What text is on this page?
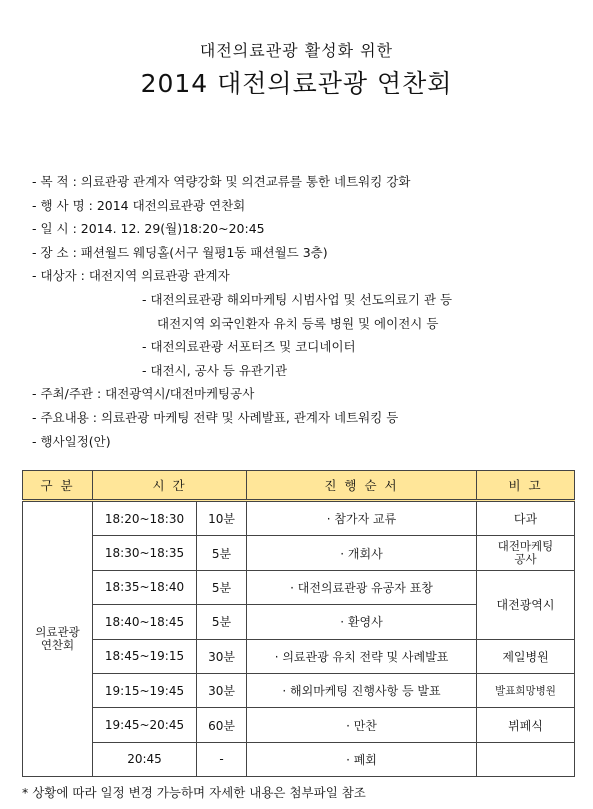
대전의료관광 활성화 위한
2014 대전의료관광 연찬회
- 목 적 : 의료관광 관계자 역량강화 및 의견교류를 통한 네트워킹 강화
- 행 사 명 : 2014 대전의료관광 연찬회
- 일 시 : 2014. 12. 29(월)18:20~20:45
- 장 소 : 패션월드 웨딩홀(서구 월평1동 패션월드 3층)
- 대상자 : 대전지역 의료관광 관계자
- 대전의료관광 해외마케팅 시범사업 및 선도의료기 관 등
대전지역 외국인환자 유치 등록 병원 및 에이전시 등
- 대전의료관광 서포터즈 및 코디네이터
- 대전시, 공사 등 유관기관
- 주최/주관 : 대전광역시/대전마케팅공사
- 주요내용 : 의료관광 마케팅 전략 및 사례발표, 관계자 네트워킹 등
- 행사일정(안)
구 분	시 간		진 행 순 서	비 고
의료관광
연찬회	18:20~18:30	10분	· 참가자 교류	다과
	18:30~18:35	5분	· 개회사	대전마케팅
공사
	18:35~18:40	5분	· 대전의료관광 유공자 표창	대전광역시
	18:40~18:45	5분	· 환영사	
	18:45~19:15	30분	· 의료관광 유치 전략 및 사례발표	제일병원
	19:15~19:45	30분	· 해외마케팅 진행사항 등 발표	발표희망병원
	19:45~20:45	60분	· 만찬	뷔페식
	20:45	-	· 폐회	
* 상황에 따라 일정 변경 가능하며 자세한 내용은 첨부파일 참조
